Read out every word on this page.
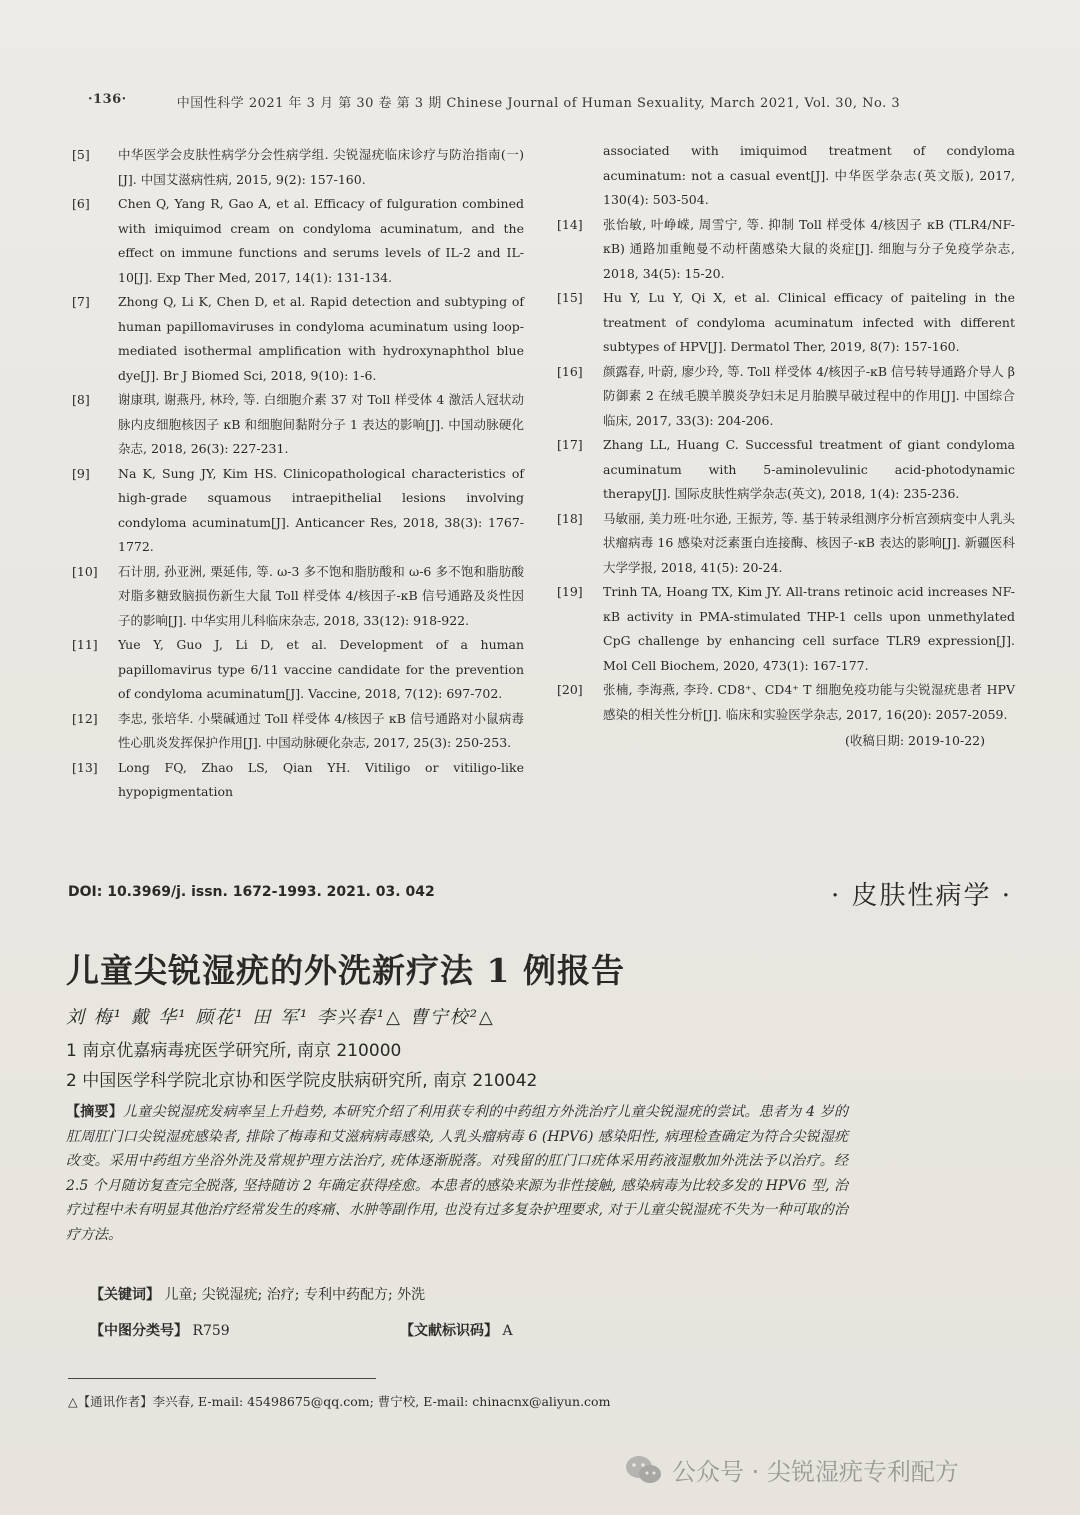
·136·	中国性科学 2021 年 3 月 第 30 卷 第 3 期 Chinese Journal of Human Sexuality, March 2021, Vol. 30, No. 3
[5]	中华医学会皮肤性病学分会性病学组. 尖锐湿疣临床诊疗与防治指南(一)[J]. 中国艾滋病性病, 2015, 9(2): 157-160.
[6]	Chen Q, Yang R, Gao A, et al. Efficacy of fulguration combined with imiquimod cream on condyloma acuminatum, and the effect on immune functions and serums levels of IL-2 and IL-10[J]. Exp Ther Med, 2017, 14(1): 131-134.
[7]	Zhong Q, Li K, Chen D, et al. Rapid detection and subtyping of human papillomaviruses in condyloma acuminatum using loop-mediated isothermal amplification with hydroxynaphthol blue dye[J]. Br J Biomed Sci, 2018, 9(10): 1-6.
[8]	谢康琪, 谢燕丹, 林玲, 等. 白细胞介素 37 对 Toll 样受体 4 激活人冠状动脉内皮细胞核因子 κB 和细胞间黏附分子 1 表达的影响[J]. 中国动脉硬化杂志, 2018, 26(3): 227-231.
[9]	Na K, Sung JY, Kim HS. Clinicopathological characteristics of high-grade squamous intraepithelial lesions involving condyloma acuminatum[J]. Anticancer Res, 2018, 38(3): 1767-1772.
[10]	石计朋, 孙亚洲, 栗延伟, 等. ω-3 多不饱和脂肪酸和 ω-6 多不饱和脂肪酸对脂多糖致脑损伤新生大鼠 Toll 样受体 4/核因子-κB 信号通路及炎性因子的影响[J]. 中华实用儿科临床杂志, 2018, 33(12): 918-922.
[11]	Yue Y, Guo J, Li D, et al. Development of a human papillomavirus type 6/11 vaccine candidate for the prevention of condyloma acuminatum[J]. Vaccine, 2018, 7(12): 697-702.
[12]	李忠, 张培华. 小檗碱通过 Toll 样受体 4/核因子 κB 信号通路对小鼠病毒性心肌炎发挥保护作用[J]. 中国动脉硬化杂志, 2017, 25(3): 250-253.
[13]	Long FQ, Zhao LS, Qian YH. Vitiligo or vitiligo-like hypopigmentation
associated with imiquimod treatment of condyloma acuminatum: not a casual event[J]. 中华医学杂志(英文版), 2017, 130(4): 503-504.
[14]	张怡敏, 叶峥嵘, 周雪宁, 等. 抑制 Toll 样受体 4/核因子 κB (TLR4/NF-κB) 通路加重鲍曼不动杆菌感染大鼠的炎症[J]. 细胞与分子免疫学杂志, 2018, 34(5): 15-20.
[15]	Hu Y, Lu Y, Qi X, et al. Clinical efficacy of paiteling in the treatment of condyloma acuminatum infected with different subtypes of HPV[J]. Dermatol Ther, 2019, 8(7): 157-160.
[16]	颜露春, 叶蔚, 廖少玲, 等. Toll 样受体 4/核因子-κB 信号转导通路介导人 β 防御素 2 在绒毛膜羊膜炎孕妇未足月胎膜早破过程中的作用[J]. 中国综合临床, 2017, 33(3): 204-206.
[17]	Zhang LL, Huang C. Successful treatment of giant condyloma acuminatum with 5-aminolevulinic acid-photodynamic therapy[J]. 国际皮肤性病学杂志(英文), 2018, 1(4): 235-236.
[18]	马敏丽, 美力班·吐尔逊, 王振芳, 等. 基于转录组测序分析宫颈病变中人乳头状瘤病毒 16 感染对泛素蛋白连接酶、核因子-κB 表达的影响[J]. 新疆医科大学学报, 2018, 41(5): 20-24.
[19]	Trinh TA, Hoang TX, Kim JY. All-trans retinoic acid increases NF-κB activity in PMA-stimulated THP-1 cells upon unmethylated CpG challenge by enhancing cell surface TLR9 expression[J]. Mol Cell Biochem, 2020, 473(1): 167-177.
[20]	张楠, 李海燕, 李玲. CD8⁺、CD4⁺ T 细胞免疫功能与尖锐湿疣患者 HPV 感染的相关性分析[J]. 临床和实验医学杂志, 2017, 16(20): 2057-2059.
(收稿日期: 2019-10-22)
DOI: 10.3969/j. issn. 1672-1993. 2021. 03. 042	· 皮肤性病学 ·
儿童尖锐湿疣的外洗新疗法 1 例报告
刘 梅¹ 戴 华¹ 顾花¹ 田 军¹ 李兴春¹△ 曹宁校²△
1 南京优嘉病毒疣医学研究所, 南京 210000
2 中国医学科学院北京协和医学院皮肤病研究所, 南京 210042
【摘要】儿童尖锐湿疣发病率呈上升趋势, 本研究介绍了利用获专利的中药组方外洗治疗儿童尖锐湿疣的尝试。患者为 4 岁的肛周肛门口尖锐湿疣感染者, 排除了梅毒和艾滋病病毒感染, 人乳头瘤病毒 6 (HPV6) 感染阳性, 病理检查确定为符合尖锐湿疣改变。采用中药组方坐浴外洗及常规护理方法治疗, 疣体逐渐脱落。对残留的肛门口疣体采用药液湿敷加外洗法予以治疗。经 2.5 个月随访复查完全脱落, 坚持随访 2 年确定获得痊愈。本患者的感染来源为非性接触, 感染病毒为比较多发的 HPV6 型, 治疗过程中未有明显其他治疗经常发生的疼痛、水肿等副作用, 也没有过多复杂护理要求, 对于儿童尖锐湿疣不失为一种可取的治疗方法。
【关键词】 儿童; 尖锐湿疣; 治疗; 专利中药配方; 外洗
【中图分类号】 R759	【文献标识码】 A
△【通讯作者】李兴春, E-mail: 45498675@qq.com; 曹宁校, E-mail: chinacnx@aliyun.com
公众号 · 尖锐湿疣专利配方
